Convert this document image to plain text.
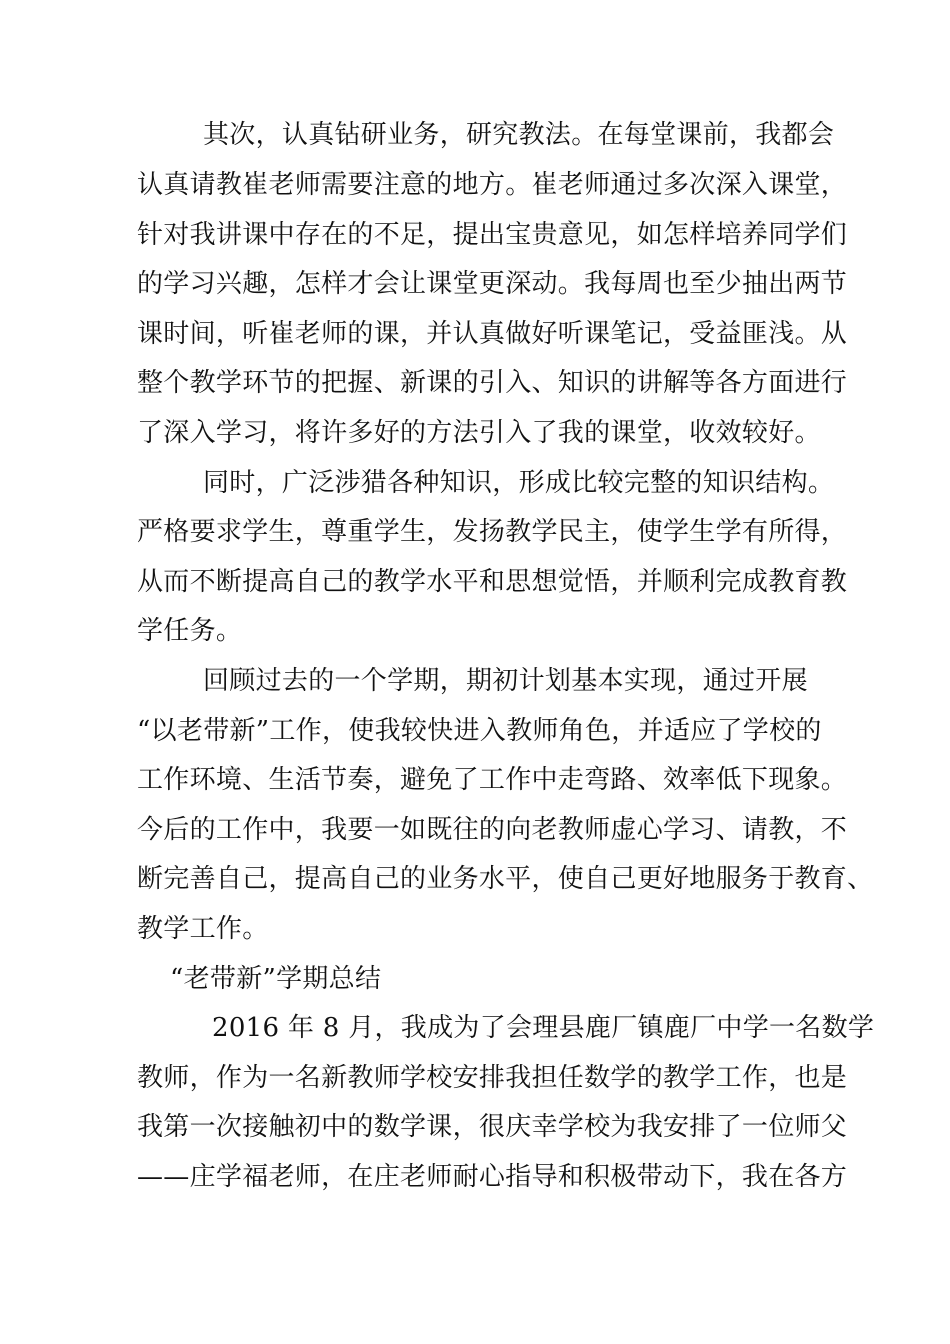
其次，认真钻研业务，研究教法。在每堂课前，我都会

认真请教崔老师需要注意的地方。崔老师通过多次深入课堂，

针对我讲课中存在的不足，提出宝贵意见，如怎样培养同学们

的学习兴趣，怎样才会让课堂更深动。我每周也至少抽出两节

课时间，听崔老师的课，并认真做好听课笔记，受益匪浅。从

整个教学环节的把握、新课的引入、知识的讲解等各方面进行

了深入学习，将许多好的方法引入了我的课堂，收效较好。

同时，广泛涉猎各种知识，形成比较完整的知识结构。

严格要求学生，尊重学生，发扬教学民主，使学生学有所得，

从而不断提高自己的教学水平和思想觉悟，并顺利完成教育教

学任务。

回顾过去的一个学期，期初计划基本实现，通过开展

“以老带新”工作，使我较快进入教师角色，并适应了学校的

工作环境、生活节奏，避免了工作中走弯路、效率低下现象。

今后的工作中，我要一如既往的向老教师虚心学习、请教，不

断完善自己，提高自己的业务水平，使自己更好地服务于教育、

教学工作。

“老带新”学期总结

2016 年 8 月，我成为了会理县鹿厂镇鹿厂中学一名数学

教师，作为一名新教师学校安排我担任数学的教学工作，也是

我第一次接触初中的数学课，很庆幸学校为我安排了一位师父

——庄学福老师，在庄老师耐心指导和积极带动下，我在各方
